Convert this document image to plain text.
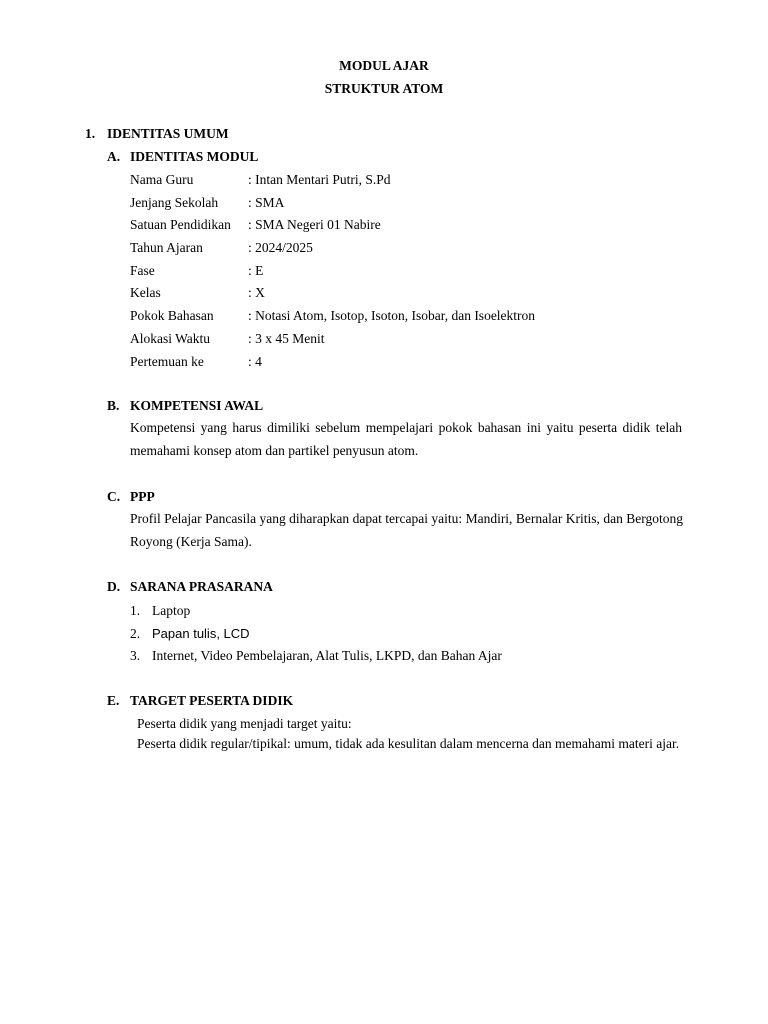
MODUL AJAR
STRUKTUR ATOM
1. IDENTITAS UMUM
A. IDENTITAS MODUL
Nama Guru	: Intan Mentari Putri, S.Pd
Jenjang Sekolah : SMA
Satuan Pendidikan : SMA Negeri 01 Nabire
Tahun Ajaran	: 2024/2025
Fase	: E
Kelas	: X
Pokok Bahasan	: Notasi Atom, Isotop, Isoton, Isobar, dan Isoelektron
Alokasi Waktu	: 3 x 45 Menit
Pertemuan ke	: 4
B. KOMPETENSI AWAL
Kompetensi yang harus dimiliki sebelum mempelajari pokok bahasan ini yaitu peserta didik telah memahami konsep atom dan partikel penyusun atom.
C. PPP
Profil Pelajar Pancasila yang diharapkan dapat tercapai yaitu: Mandiri, Bernalar Kritis, dan Bergotong Royong (Kerja Sama).
D. SARANA PRASARANA
1. Laptop
2. Papan tulis, LCD
3. Internet, Video Pembelajaran, Alat Tulis, LKPD, dan Bahan Ajar
E. TARGET PESERTA DIDIK
Peserta didik yang menjadi target yaitu:
Peserta didik regular/tipikal: umum, tidak ada kesulitan dalam mencerna dan memahami materi ajar.
